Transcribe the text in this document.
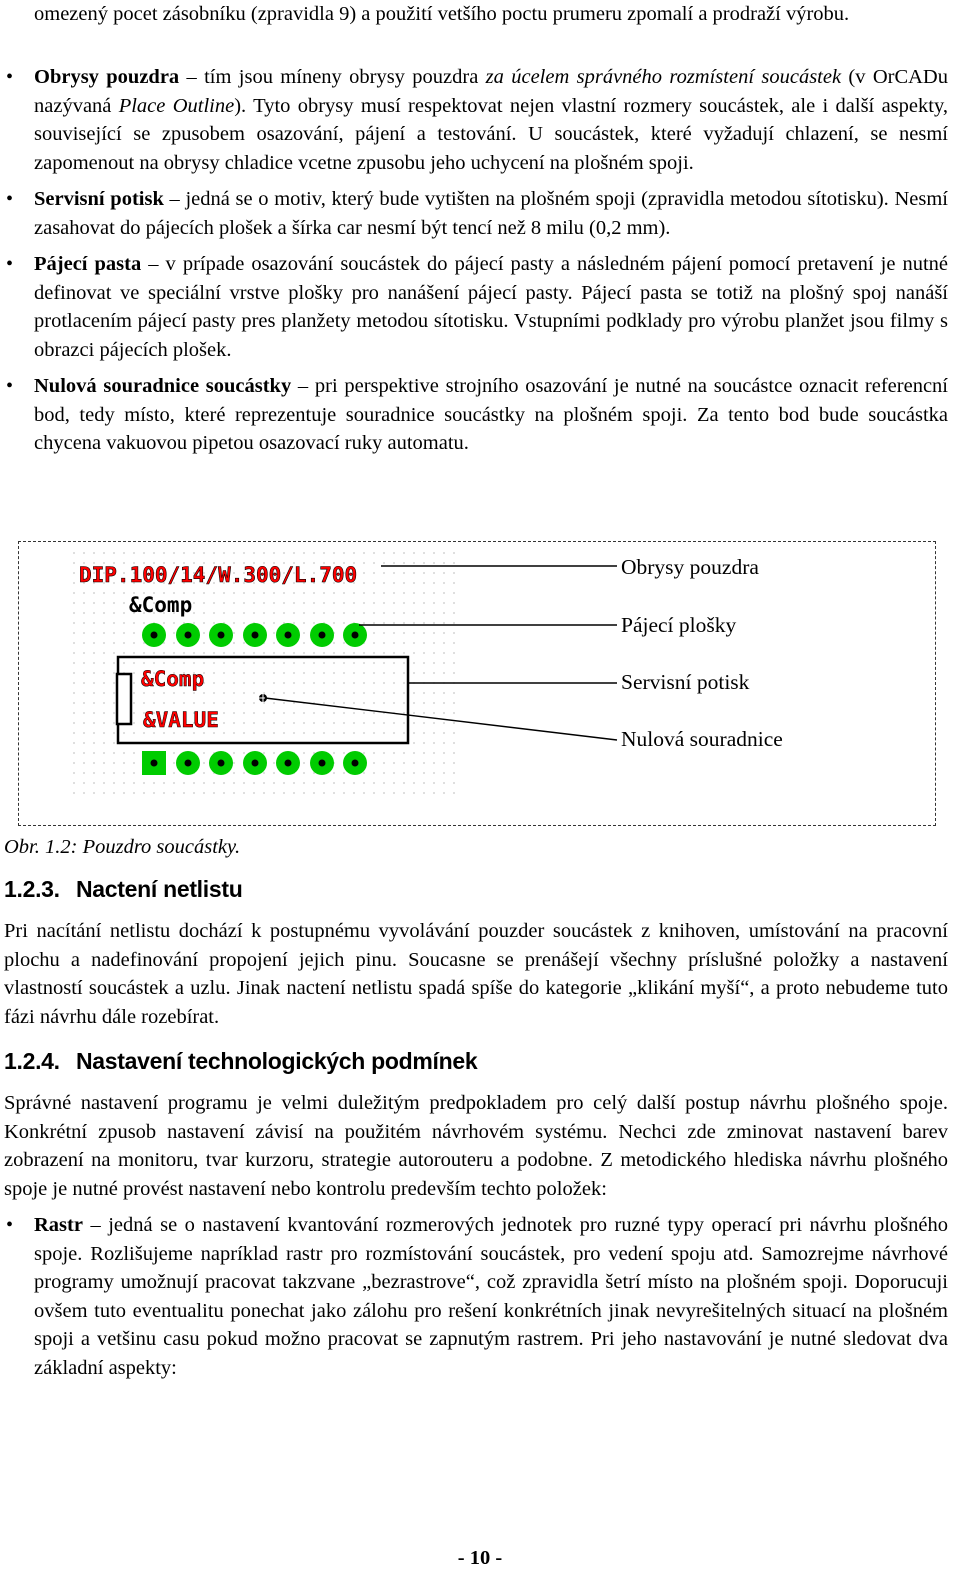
omezený pocet zásobníku (zpravidla 9) a použití vetšího poctu prumeru zpomalí a prodraží výrobu.

• Obrysy pouzdra – tím jsou míneny obrysy pouzdra za úcelem správného rozmístení soucástek (v OrCADu nazývaná Place Outline). Tyto obrysy musí respektovat nejen vlastní rozmery soucástek, ale i další aspekty, související se zpusobem osazování, pájení a testování. U soucástek, které vyžadují chlazení, se nesmí zapomenout na obrysy chladice vcetne zpusobu jeho uchycení na plošném spoji.

• Servisní potisk – jedná se o motiv, který bude vytišten na plošném spoji (zpravidla metodou sítotisku). Nesmí zasahovat do pájecích plošek a šírka car nesmí být tencí než 8 milu (0,2 mm).

• Pájecí pasta – v prípade osazování soucástek do pájecí pasty a následném pájení pomocí pretavení je nutné definovat ve speciální vrstve plošky pro nanášení pájecí pasty. Pájecí pasta se totiž na plošný spoj nanáší protlacením pájecí pasty pres planžety metodou sítotisku. Vstupními podklady pro výrobu planžet jsou filmy s obrazci pájecích plošek.

• Nulová souradnice soucástky – pri perspektive strojního osazování je nutné na soucástce oznacit referencní bod, tedy místo, které reprezentuje souradnice soucástky na plošném spoji. Za tento bod bude soucástka chycena vakuovou pipetou osazovací ruky automatu.

DIP.100/14/W.300/L.700
&Comp
&Comp
&VALUE
Obrysy pouzdra
Pájecí plošky
Servisní potisk
Nulová souradnice
Obr. 1.2: Pouzdro soucástky.
1.2.3. Nactení netlistu

Pri nacítání netlistu dochází k postupnému vyvolávání pouzder soucástek z knihoven, umístování na pracovní plochu a nadefinování propojení jejich pinu. Soucasne se prenášejí všechny príslušné položky a nastavení vlastností soucástek a uzlu. Jinak nactení netlistu spadá spíše do kategorie „klikání myší“, a proto nebudeme tuto fázi návrhu dále rozebírat.

1.2.4. Nastavení technologických podmínek

Správné nastavení programu je velmi duležitým predpokladem pro celý další postup návrhu plošného spoje. Konkrétní zpusob nastavení závisí na použitém návrhovém systému. Nechci zde zminovat nastavení barev zobrazení na monitoru, tvar kurzoru, strategie autorouteru a podobne. Z metodického hlediska návrhu plošného spoje je nutné provést nastavení nebo kontrolu predevším techto položek:

• Rastr – jedná se o nastavení kvantování rozmerových jednotek pro ruzné typy operací pri návrhu plošného spoje. Rozlišujeme napríklad rastr pro rozmístování soucástek, pro vedení spoju atd. Samozrejme návrhové programy umožnují pracovat takzvane „bezrastrove“, což zpravidla šetrí místo na plošném spoji. Doporucuji ovšem tuto eventualitu ponechat jako zálohu pro rešení konkrétních jinak nevyrešitelných situací na plošném spoji a vetšinu casu pokud možno pracovat se zapnutým rastrem. Pri jeho nastavování je nutné sledovat dva základní aspekty:

- 10 -
